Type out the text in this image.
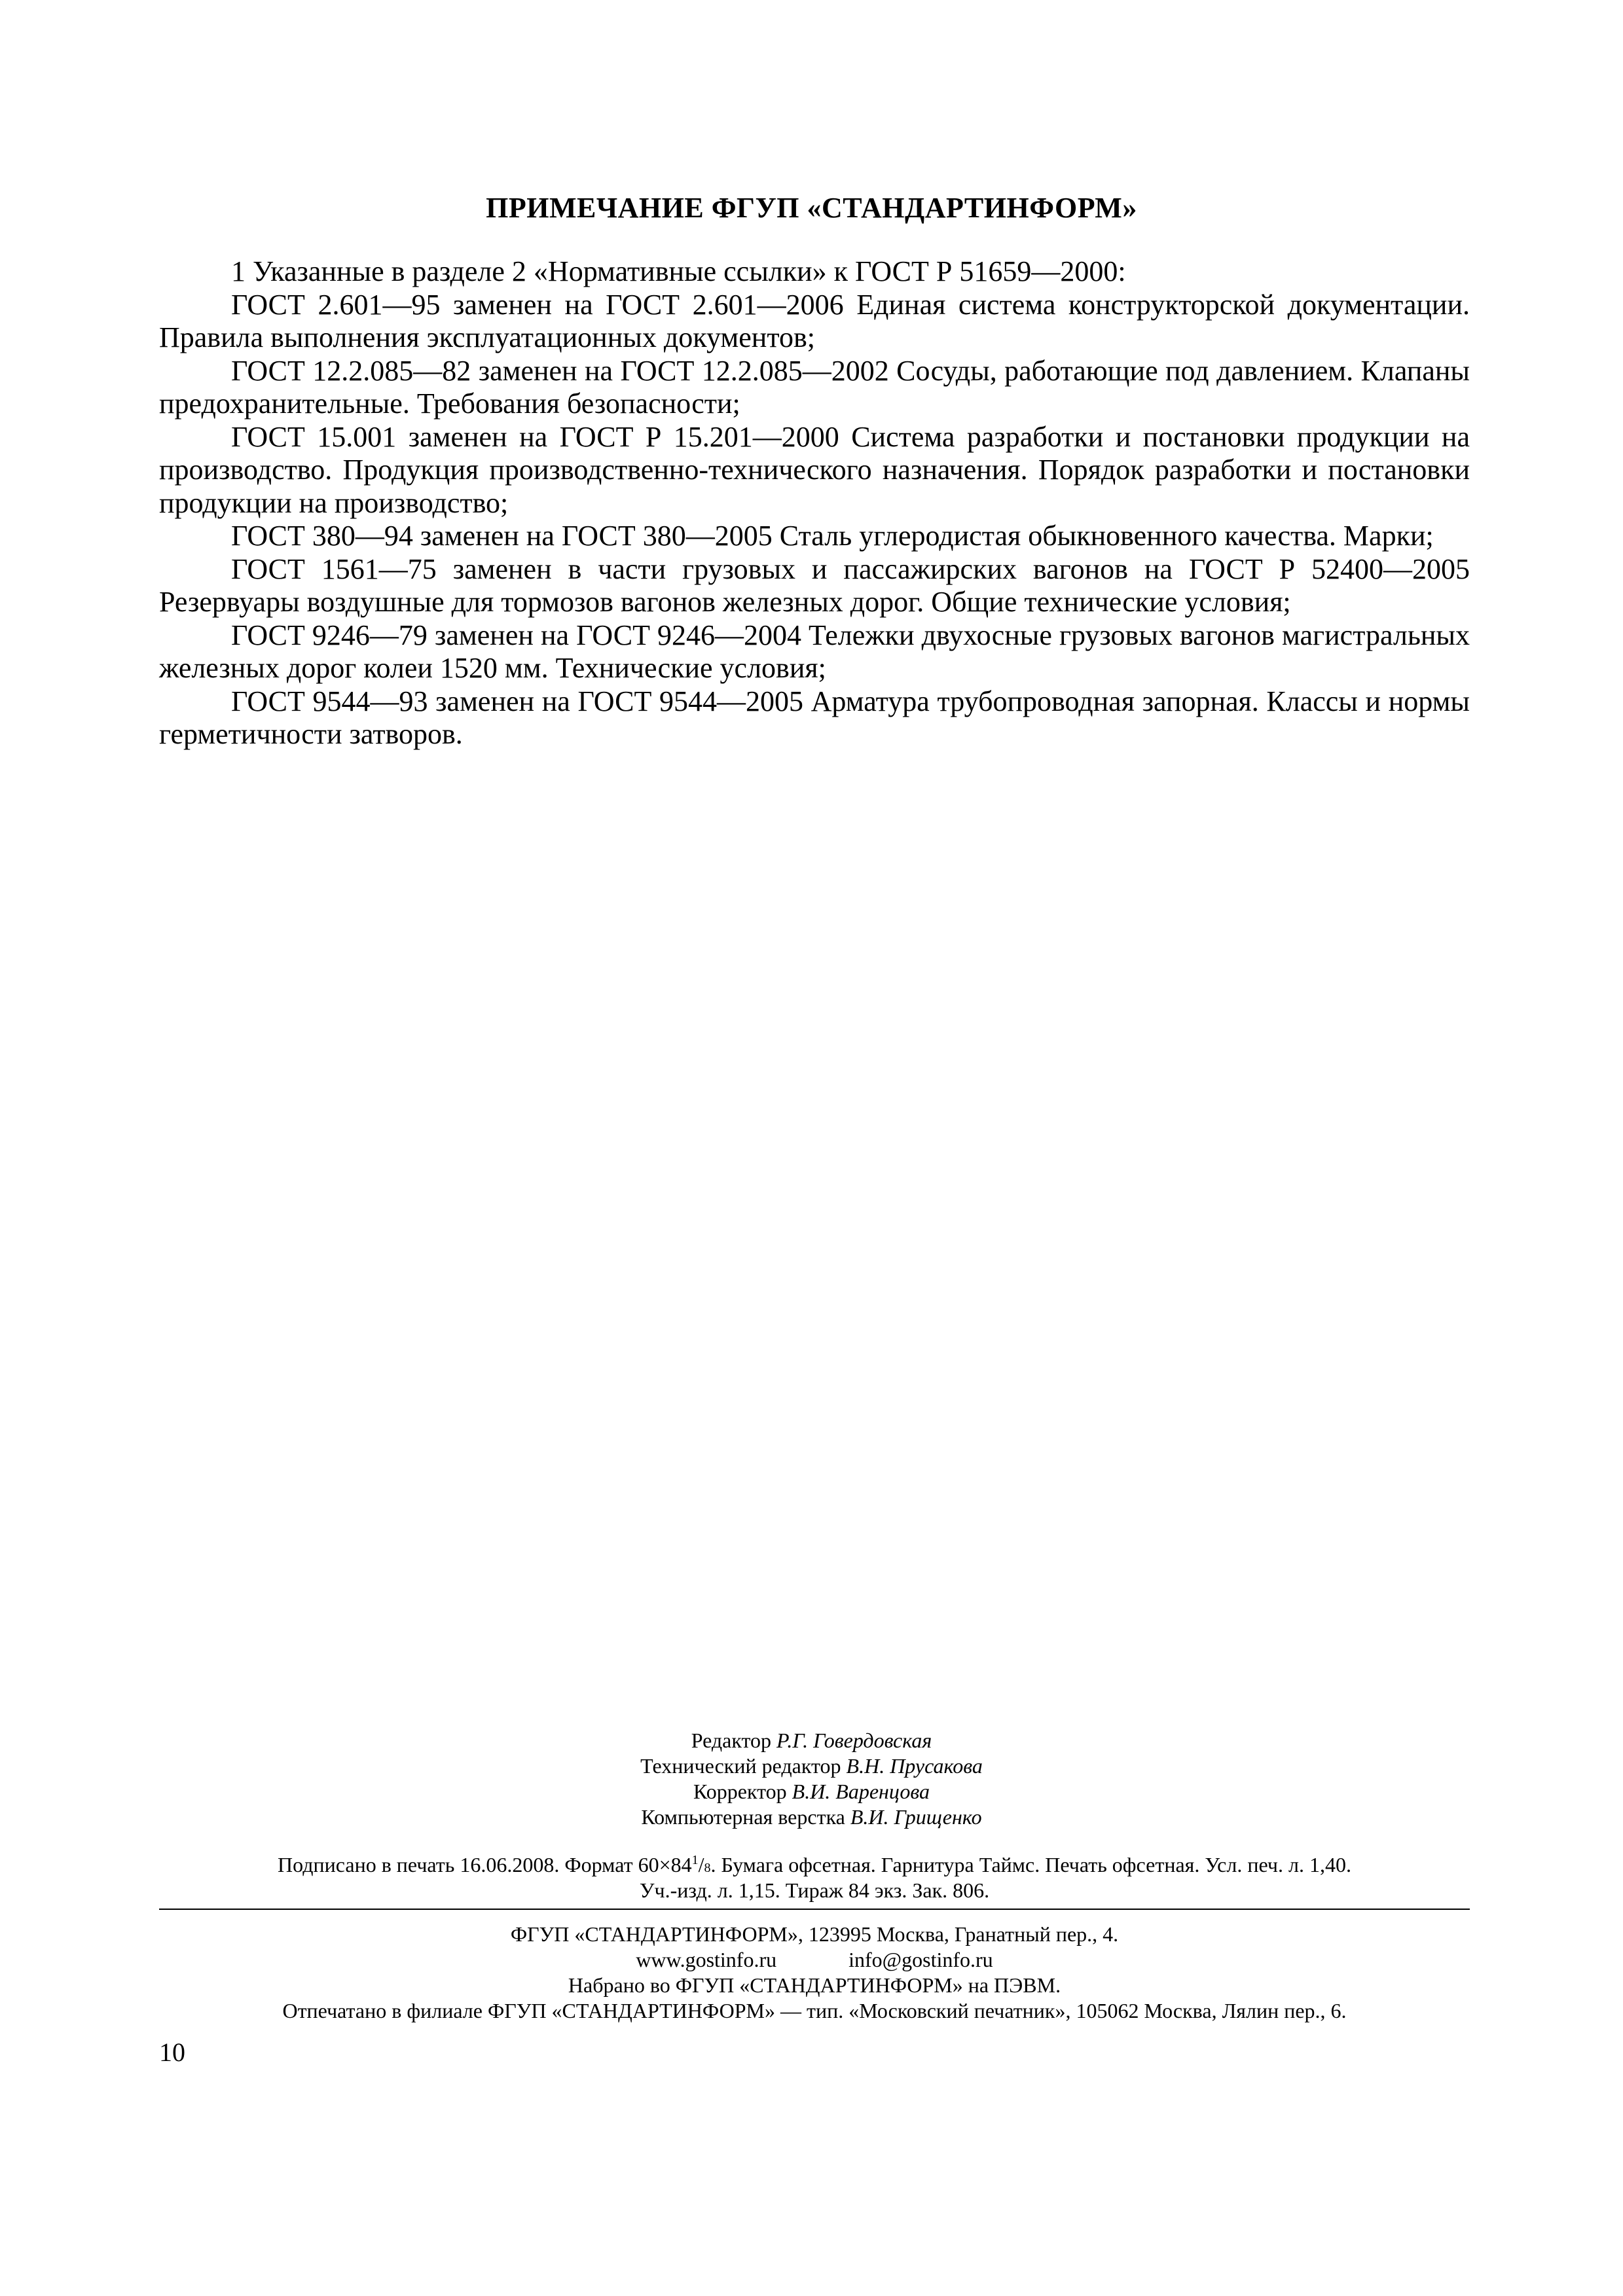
ПРИМЕЧАНИЕ ФГУП «СТАНДАРТИНФОРМ»

1 Указанные в разделе 2 «Нормативные ссылки» к ГОСТ Р 51659—2000:

ГОСТ 2.601—95 заменен на ГОСТ 2.601—2006 Единая система конструкторской документации. Правила выполнения эксплуатационных документов;

ГОСТ 12.2.085—82 заменен на ГОСТ 12.2.085—2002 Сосуды, работающие под давлением. Клапаны предохранительные. Требования безопасности;

ГОСТ 15.001 заменен на ГОСТ Р 15.201—2000 Система разработки и постановки продукции на производство. Продукция производственно-технического назначения. Порядок разработки и постановки продукции на производство;

ГОСТ 380—94 заменен на ГОСТ 380—2005 Сталь углеродистая обыкновенного качества. Марки;

ГОСТ 1561—75 заменен в части грузовых и пассажирских вагонов на ГОСТ Р 52400—2005 Резервуары воздушные для тормозов вагонов железных дорог. Общие технические условия;

ГОСТ 9246—79 заменен на ГОСТ 9246—2004 Тележки двухосные грузовых вагонов магистральных железных дорог колеи 1520 мм. Технические условия;

ГОСТ 9544—93 заменен на ГОСТ 9544—2005 Арматура трубопроводная запорная. Классы и нормы герметичности затворов.

Редактор Р.Г. Говердовская
Технический редактор В.Н. Прусакова
Корректор В.И. Варенцова
Компьютерная верстка В.И. Грищенко
Подписано в печать 16.06.2008. Формат $60\times 84^1/8$. Бумага офсетная. Гарнитура Таймс. Печать офсетная. Усл. печ. л. 1,40.
Уч.-изд. л. 1,15. Тираж 84 экз. Зак. 806.
ФГУП «СТАНДАРТИНФОРМ», 123995 Москва, Гранатный пер., 4.
www.gostinfo.ru	info@gostinfo.ru
Набрано во ФГУП «СТАНДАРТИНФОРМ» на ПЭВМ.
Отпечатано в филиале ФГУП «СТАНДАРТИНФОРМ» — тип. «Московский печатник», 105062 Москва, Лялин пер., 6.
10
